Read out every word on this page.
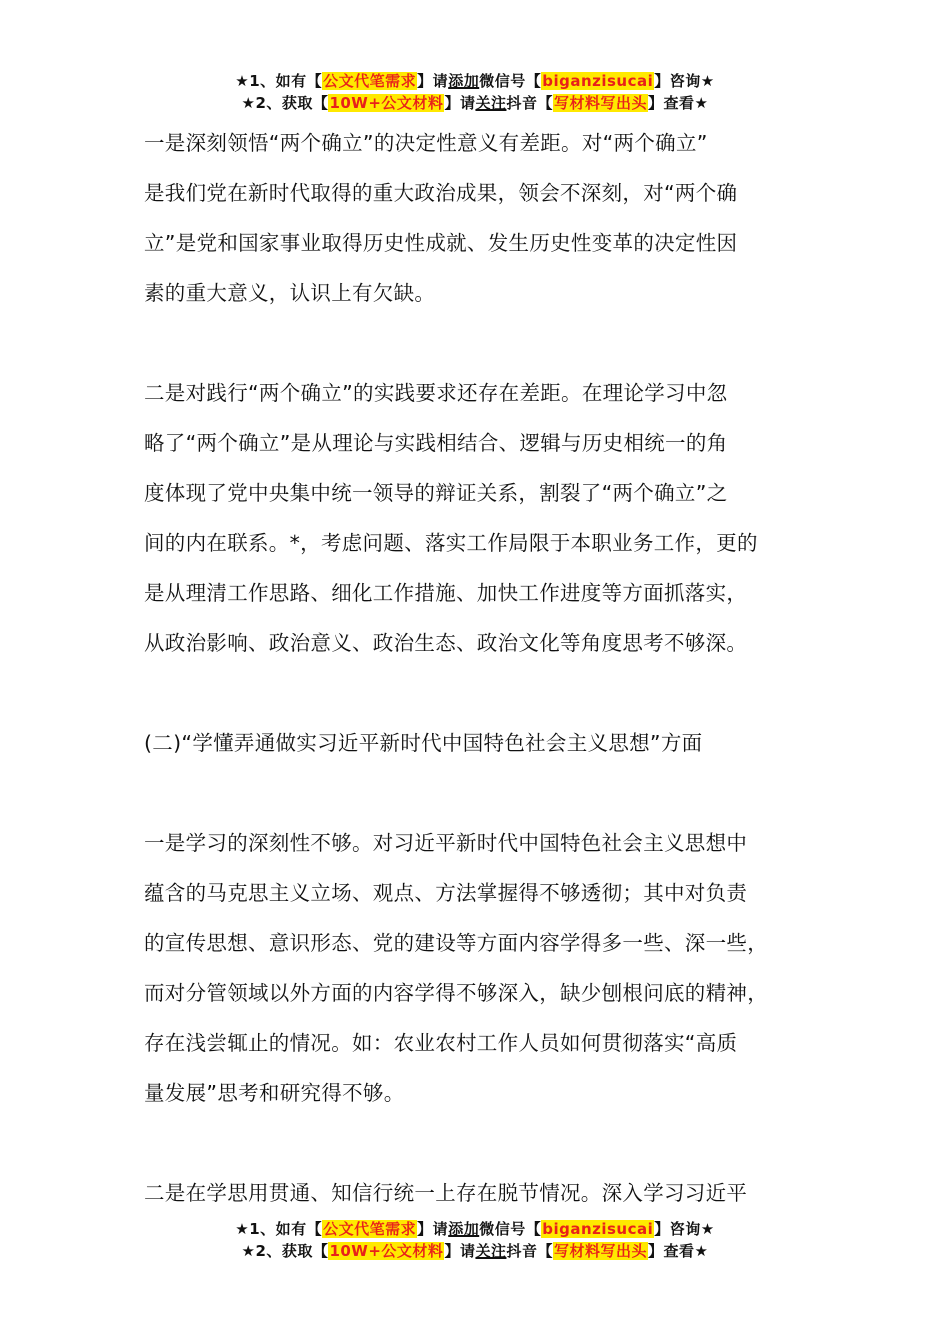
★1、如有【公文代笔需求】请添加微信号【biganzisucai】咨询★
★2、获取【10W+公文材料】请关注抖音【写材料写出头】查看★

一是深刻领悟“两个确立”的决定性意义有差距。对“两个确立”
是我们党在新时代取得的重大政治成果，领会不深刻，对“两个确
立”是党和国家事业取得历史性成就、发生历史性变革的决定性因
素的重大意义，认识上有欠缺。

二是对践行“两个确立”的实践要求还存在差距。在理论学习中忽
略了“两个确立”是从理论与实践相结合、逻辑与历史相统一的角
度体现了党中央集中统一领导的辩证关系，割裂了“两个确立”之
间的内在联系。*，考虑问题、落实工作局限于本职业务工作，更的
是从理清工作思路、细化工作措施、加快工作进度等方面抓落实，
从政治影响、政治意义、政治生态、政治文化等角度思考不够深。

(二)“学懂弄通做实习近平新时代中国特色社会主义思想”方面

一是学习的深刻性不够。对习近平新时代中国特色社会主义思想中
蕴含的马克思主义立场、观点、方法掌握得不够透彻；其中对负责
的宣传思想、意识形态、党的建设等方面内容学得多一些、深一些，
而对分管领域以外方面的内容学得不够深入，缺少刨根问底的精神，
存在浅尝辄止的情况。如：农业农村工作人员如何贯彻落实“高质
量发展”思考和研究得不够。

二是在学思用贯通、知信行统一上存在脱节情况。深入学习习近平

★1、如有【公文代笔需求】请添加微信号【biganzisucai】咨询★
★2、获取【10W+公文材料】请关注抖音【写材料写出头】查看★
